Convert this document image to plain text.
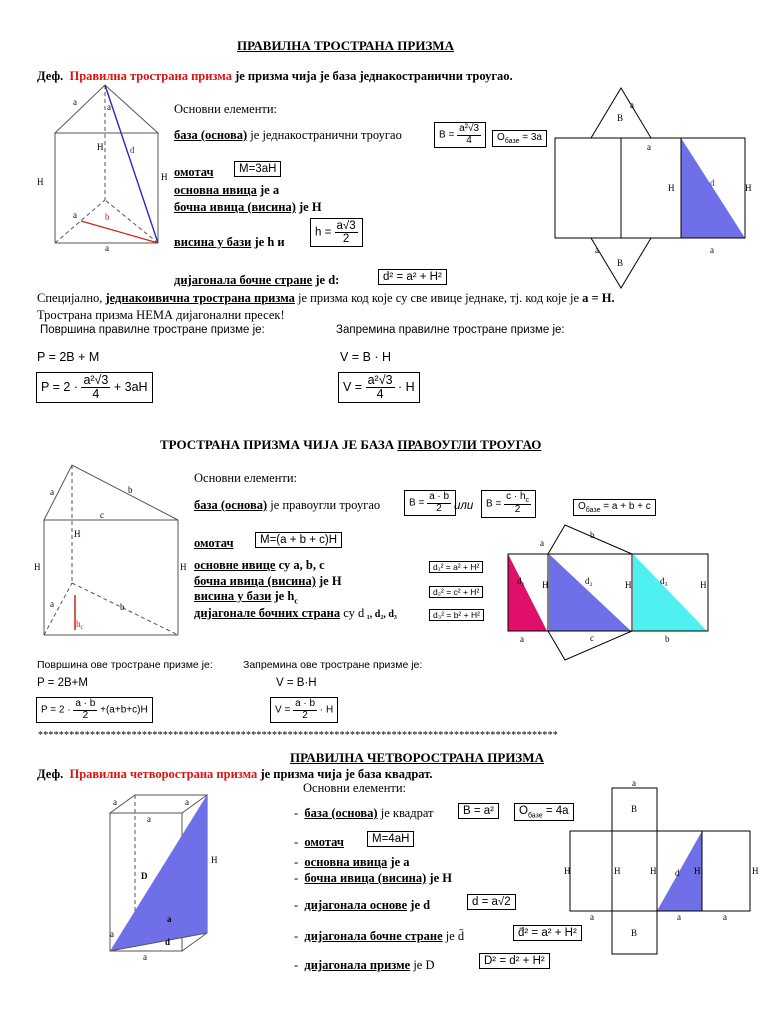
ПРАВИЛНА ТРОСТРАНА ПРИЗМА
Деф. Правилна тространа призма је призма чија је база једнакостранични троугао.
a	a
H	H
H	d
b
a
a
Основни елементи:
база (основа) је једнакостранични троугао	$B = \frac{\text{a²√3}}{4}$	$O_{базе} = 3a$
омотач	M=3aH
основна ивица је a
бочна ивица (висина) је H
висина у бази је h и
$h = \frac{a√3}{2}$
дијагонала бочне стране је d:	d² = a² + H²
B
B
a
H	H
d
a
a
a
Специјално, једнакоивична тространа призма је призма код које су све ивице једнаке, тј. код које је a = H.
Тространа призма НЕМА дијагонални пресек!
Површина правилне тростране призме је:	Запремина правилне тростране призме је:
P = 2B + M	V = B · H
$P = 2 \cdot \frac{\text{a²√3}}{4} + 3aH$	$V = \frac{\text{a²√3}}{4} \cdot H$
ТРОСТРАНА ПРИЗМА ЧИЈА ЈЕ БАЗА ПРАВОУГЛИ ТРОУГАО
a	b
c
H
H	H
a	b
$h_c$
Основни елементи:
база (основа) је правоугли троугао	$B = \frac{a \cdot b}{2}$ или	$B = \frac{c \cdot h_c}{2}$	$O_{базе} = a + b + c$
омотач	M=(a + b + c)H
основне ивице су a, b, c
бочна ивица (висина) је H
висина у бази је $h_c$
дијагонале бочних страна су d ₁, d₂, d₃
d₁² = a² + H²
d₂² = c² + H²
d₃² = b² + H²
a
b
d₁	d₂	d₃
H	H	H
a	c	b
Површина ове тростране призме је:	Запремина ове тростране призме је:
P = 2B+M	V = B·H
$P = 2 \cdot \frac{a \cdot b}{2} +(a+b+c)H$	$V = \frac{a \cdot b}{2} \cdot H$
****************************************************************************************************
ПРАВИЛНА ЧЕТВОРОСТРАНА ПРИЗМА
Деф. Правилна четворострана призма је призма чија је база квадрат.
Основни елементи:
a	a
a
H
D
a
a
d
a
- база (основа) је квадрат	B = a²	$O_{базе} = 4a$
- омотач	M=4aH
- основна ивица је a
- бочна ивица (висина) је H
- дијагонала основе је d	d = a√2
- дијагонала бочне стране је d̄	d̄² = a² + H²
- дијагонала призме је D	D² = d² + H²
B
B
H	H	H	H	H
d
a	a	a
a
